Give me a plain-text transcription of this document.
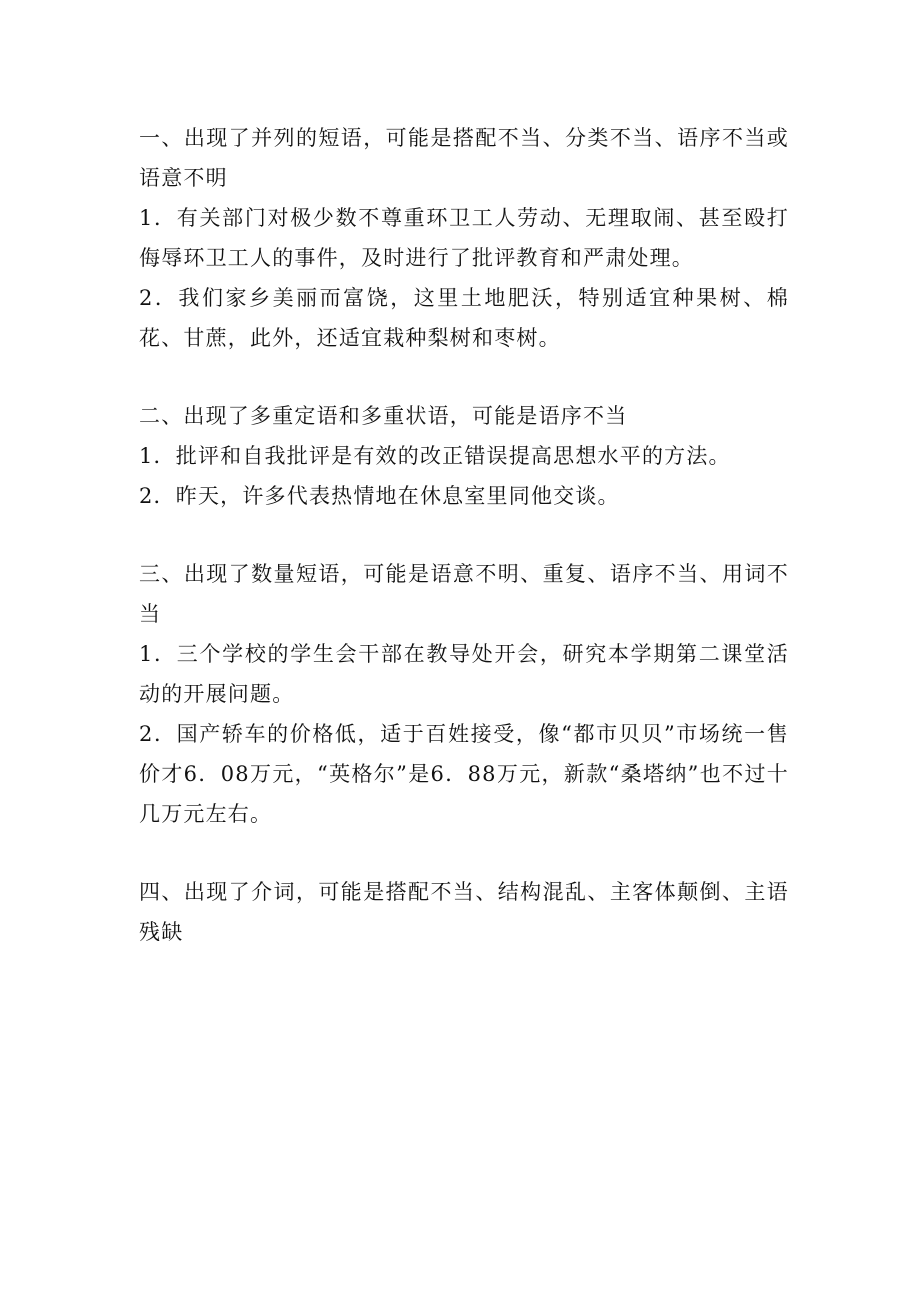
一、出现了并列的短语，可能是搭配不当、分类不当、语序不当或语意不明

1．有关部门对极少数不尊重环卫工人劳动、无理取闹、甚至殴打侮辱环卫工人的事件，及时进行了批评教育和严肃处理。

2．我们家乡美丽而富饶，这里土地肥沃，特别适宜种果树、棉花、甘蔗，此外，还适宜栽种梨树和枣树。

二、出现了多重定语和多重状语，可能是语序不当

1．批评和自我批评是有效的改正错误提高思想水平的方法。

2．昨天，许多代表热情地在休息室里同他交谈。

三、出现了数量短语，可能是语意不明、重复、语序不当、用词不当

1．三个学校的学生会干部在教导处开会，研究本学期第二课堂活动的开展问题。

2．国产轿车的价格低，适于百姓接受，像“都市贝贝”市场统一售价才6．08万元，“英格尔”是6．88万元，新款“桑塔纳”也不过十几万元左右。

四、出现了介词，可能是搭配不当、结构混乱、主客体颠倒、主语残缺
